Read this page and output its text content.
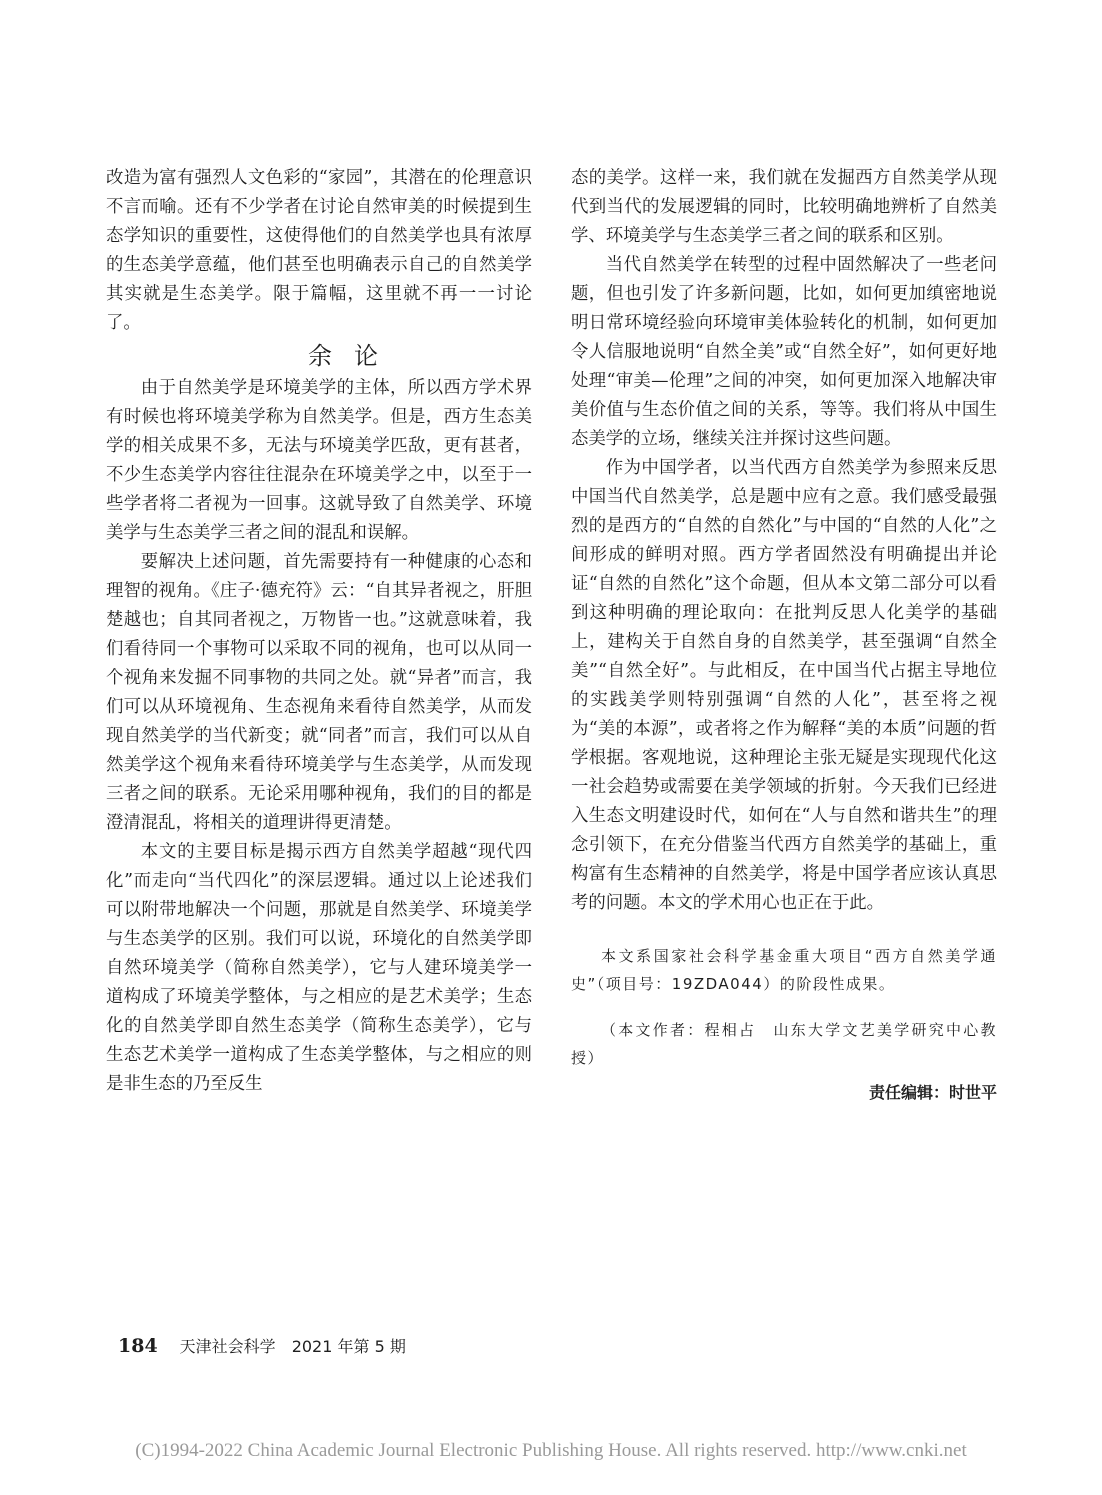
改造为富有强烈人文色彩的“家园”，其潜在的伦理意识不言而喻。还有不少学者在讨论自然审美的时候提到生态学知识的重要性，这使得他们的自然美学也具有浓厚的生态美学意蕴，他们甚至也明确表示自己的自然美学其实就是生态美学。限于篇幅，这里就不再一一讨论了。

余论

由于自然美学是环境美学的主体，所以西方学术界有时候也将环境美学称为自然美学。但是，西方生态美学的相关成果不多，无法与环境美学匹敌，更有甚者，不少生态美学内容往往混杂在环境美学之中，以至于一些学者将二者视为一回事。这就导致了自然美学、环境美学与生态美学三者之间的混乱和误解。

要解决上述问题，首先需要持有一种健康的心态和理智的视角。《庄子·德充符》云：“自其异者视之，肝胆楚越也；自其同者视之，万物皆一也。”这就意味着，我们看待同一个事物可以采取不同的视角，也可以从同一个视角来发掘不同事物的共同之处。就“异者”而言，我们可以从环境视角、生态视角来看待自然美学，从而发现自然美学的当代新变；就“同者”而言，我们可以从自然美学这个视角来看待环境美学与生态美学，从而发现三者之间的联系。无论采用哪种视角，我们的目的都是澄清混乱，将相关的道理讲得更清楚。

本文的主要目标是揭示西方自然美学超越“现代四化”而走向“当代四化”的深层逻辑。通过以上论述我们可以附带地解决一个问题，那就是自然美学、环境美学与生态美学的区别。我们可以说，环境化的自然美学即自然环境美学（简称自然美学），它与人建环境美学一道构成了环境美学整体，与之相应的是艺术美学；生态化的自然美学即自然生态美学（简称生态美学），它与生态艺术美学一道构成了生态美学整体，与之相应的则是非生态的乃至反生

态的美学。这样一来，我们就在发掘西方自然美学从现代到当代的发展逻辑的同时，比较明确地辨析了自然美学、环境美学与生态美学三者之间的联系和区别。

当代自然美学在转型的过程中固然解决了一些老问题，但也引发了许多新问题，比如，如何更加缜密地说明日常环境经验向环境审美体验转化的机制，如何更加令人信服地说明“自然全美”或“自然全好”，如何更好地处理“审美—伦理”之间的冲突，如何更加深入地解决审美价值与生态价值之间的关系，等等。我们将从中国生态美学的立场，继续关注并探讨这些问题。

作为中国学者，以当代西方自然美学为参照来反思中国当代自然美学，总是题中应有之意。我们感受最强烈的是西方的“自然的自然化”与中国的“自然的人化”之间形成的鲜明对照。西方学者固然没有明确提出并论证“自然的自然化”这个命题，但从本文第二部分可以看到这种明确的理论取向：在批判反思人化美学的基础上，建构关于自然自身的自然美学，甚至强调“自然全美”“自然全好”。与此相反，在中国当代占据主导地位的实践美学则特别强调“自然的人化”，甚至将之视为“美的本源”，或者将之作为解释“美的本质”问题的哲学根据。客观地说，这种理论主张无疑是实现现代化这一社会趋势或需要在美学领域的折射。今天我们已经进入生态文明建设时代，如何在“人与自然和谐共生”的理念引领下，在充分借鉴当代西方自然美学的基础上，重构富有生态精神的自然美学，将是中国学者应该认真思考的问题。本文的学术用心也正在于此。

本文系国家社会科学基金重大项目“西方自然美学通史”（项目号：19ZDA044）的阶段性成果。

（本文作者：程相占　山东大学文艺美学研究中心教授）

责任编辑：时世平

184 天津社会科学 2021 年第 5 期
(C)1994-2022 China Academic Journal Electronic Publishing House. All rights reserved. http://www.cnki.net
